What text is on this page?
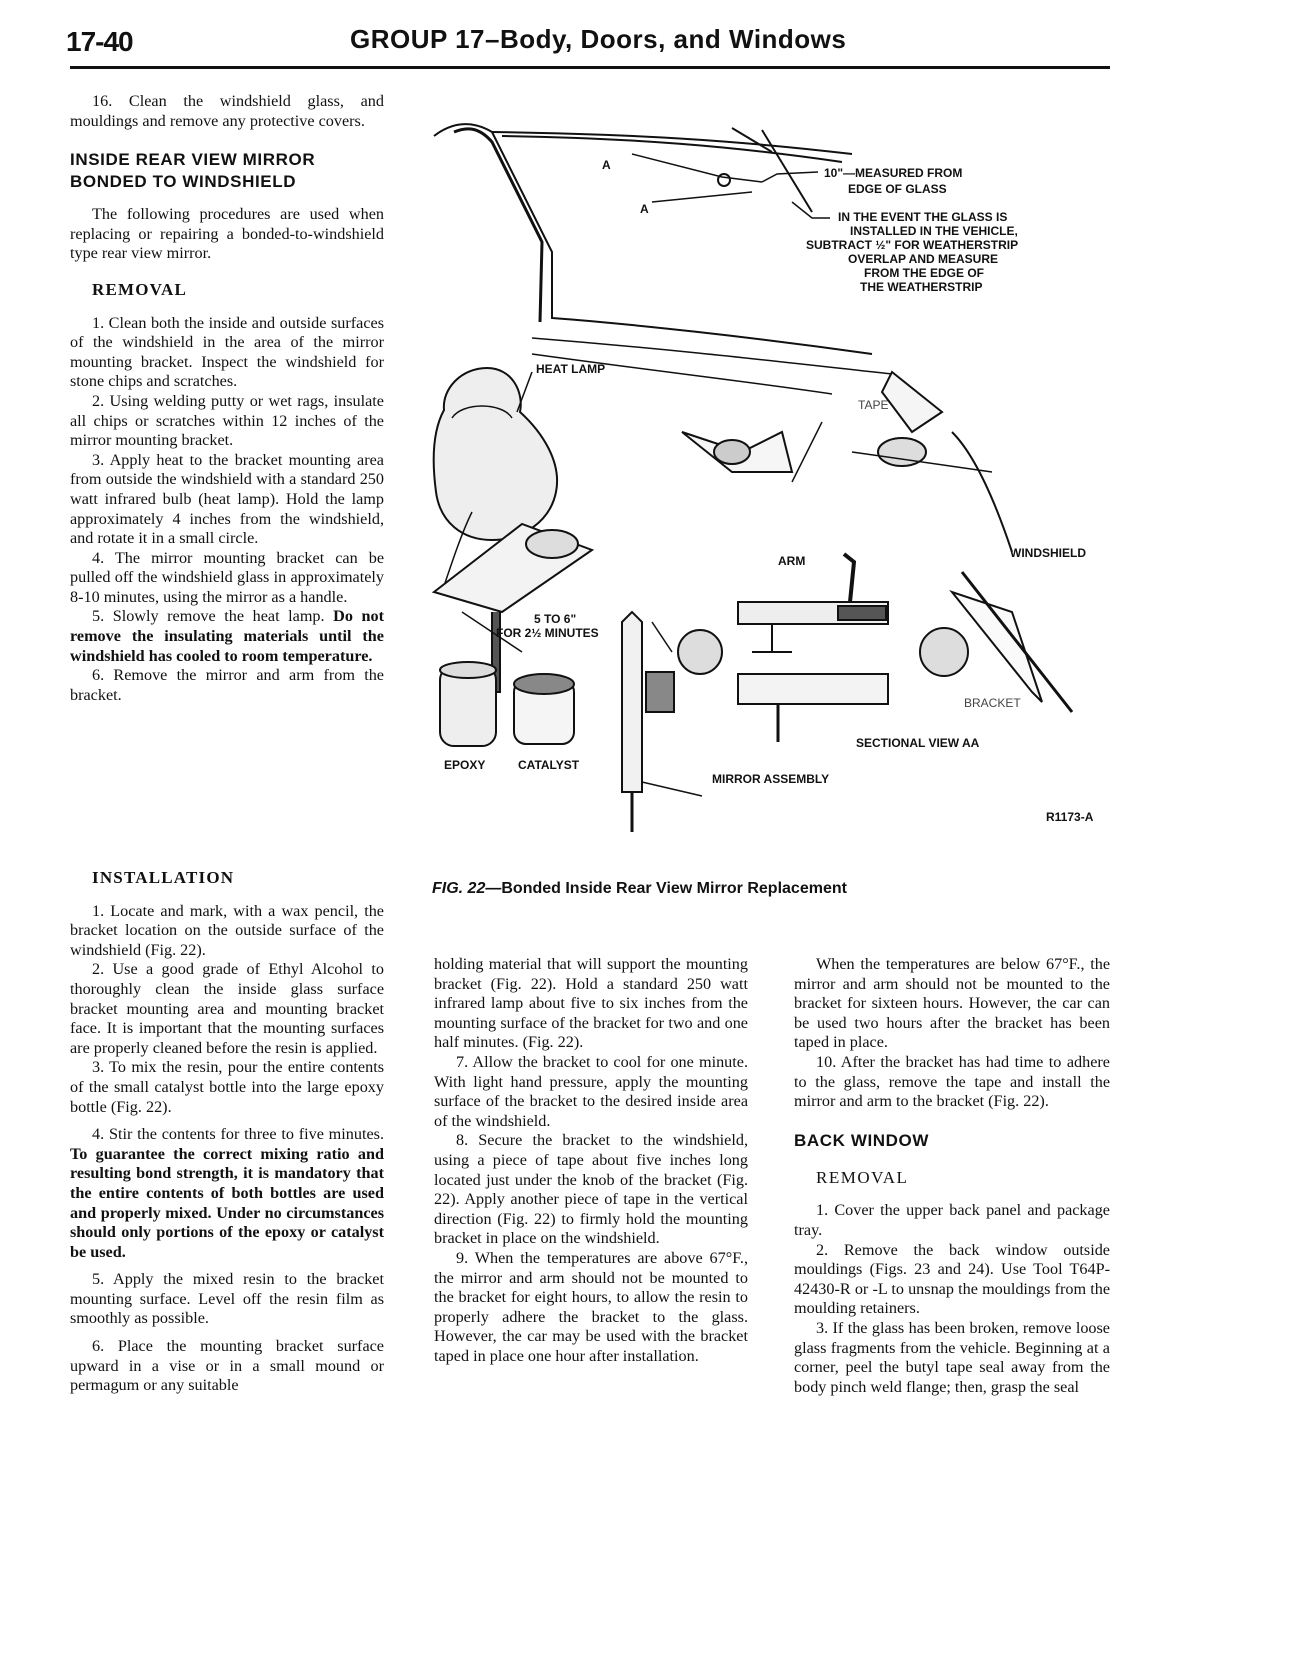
17-40	GROUP 17–Body, Doors, and Windows

16. Clean the windshield glass, and mouldings and remove any protective covers.

INSIDE REAR VIEW MIRROR BONDED TO WINDSHIELD

The following procedures are used when replacing or repairing a bonded-to-windshield type rear view mirror.

REMOVAL

1. Clean both the inside and outside surfaces of the windshield in the area of the mirror mounting bracket. Inspect the windshield for stone chips and scratches.

2. Using welding putty or wet rags, insulate all chips or scratches within 12 inches of the mirror mounting bracket.

3. Apply heat to the bracket mounting area from outside the windshield with a standard 250 watt infrared bulb (heat lamp). Hold the lamp approximately 4 inches from the windshield, and rotate it in a small circle.

4. The mirror mounting bracket can be pulled off the windshield glass in approximately 8-10 minutes, using the mirror as a handle.

5. Slowly remove the heat lamp. Do not remove the insulating materials until the windshield has cooled to room temperature.

6. Remove the mirror and arm from the bracket.

INSTALLATION

1. Locate and mark, with a wax pencil, the bracket location on the outside surface of the windshield (Fig. 22).

2. Use a good grade of Ethyl Alcohol to thoroughly clean the inside glass surface bracket mounting area and mounting bracket face. It is important that the mounting surfaces are properly cleaned before the resin is applied.

3. To mix the resin, pour the entire contents of the small catalyst bottle into the large epoxy bottle (Fig. 22).

4. Stir the contents for three to five minutes. To guarantee the correct mixing ratio and resulting bond strength, it is mandatory that the entire contents of both bottles are used and properly mixed. Under no circumstances should only portions of the epoxy or catalyst be used.

5. Apply the mixed resin to the bracket mounting surface. Level off the resin film as smoothly as possible.

6. Place the mounting bracket surface upward in a vise or in a small mound or permagum or any suitable

holding material that will support the mounting bracket (Fig. 22). Hold a standard 250 watt infrared lamp about five to six inches from the mounting surface of the bracket for two and one half minutes. (Fig. 22).

7. Allow the bracket to cool for one minute. With light hand pressure, apply the mounting surface of the bracket to the desired inside area of the windshield.

8. Secure the bracket to the windshield, using a piece of tape about five inches long located just under the knob of the bracket (Fig. 22). Apply another piece of tape in the vertical direction (Fig. 22) to firmly hold the mounting bracket in place on the windshield.

9. When the temperatures are above 67°F., the mirror and arm should not be mounted to the bracket for eight hours, to allow the resin to properly adhere the bracket to the glass. However, the car may be used with the bracket taped in place one hour after installation.

When the temperatures are below 67°F., the mirror and arm should not be mounted to the bracket for sixteen hours. However, the car can be used two hours after the bracket has been taped in place.

10. After the bracket has had time to adhere to the glass, remove the tape and install the mirror and arm to the bracket (Fig. 22).

BACK WINDOW
REMOVAL

1. Cover the upper back panel and package tray.

2. Remove the back window outside mouldings (Figs. 23 and 24). Use Tool T64P-42430-R or -L to unsnap the mouldings from the moulding retainers.

3. If the glass has been broken, remove loose glass fragments from the vehicle. Beginning at a corner, peel the butyl tape seal away from the body pinch weld flange; then, grasp the seal

A
A
10"—MEASURED FROM
EDGE OF GLASS
IN THE EVENT THE GLASS IS
INSTALLED IN THE VEHICLE,
SUBTRACT ½" FOR WEATHERSTRIP
OVERLAP AND MEASURE
FROM THE EDGE OF
THE WEATHERSTRIP
HEAT LAMP
TAPE
5 TO 6"
FOR 2½ MINUTES
ARM
WINDSHIELD
BRACKET
SECTIONAL VIEW AA
EPOXY	CATALYST
MIRROR ASSEMBLY
R1173-A
FIG. 22—Bonded Inside Rear View Mirror Replacement
